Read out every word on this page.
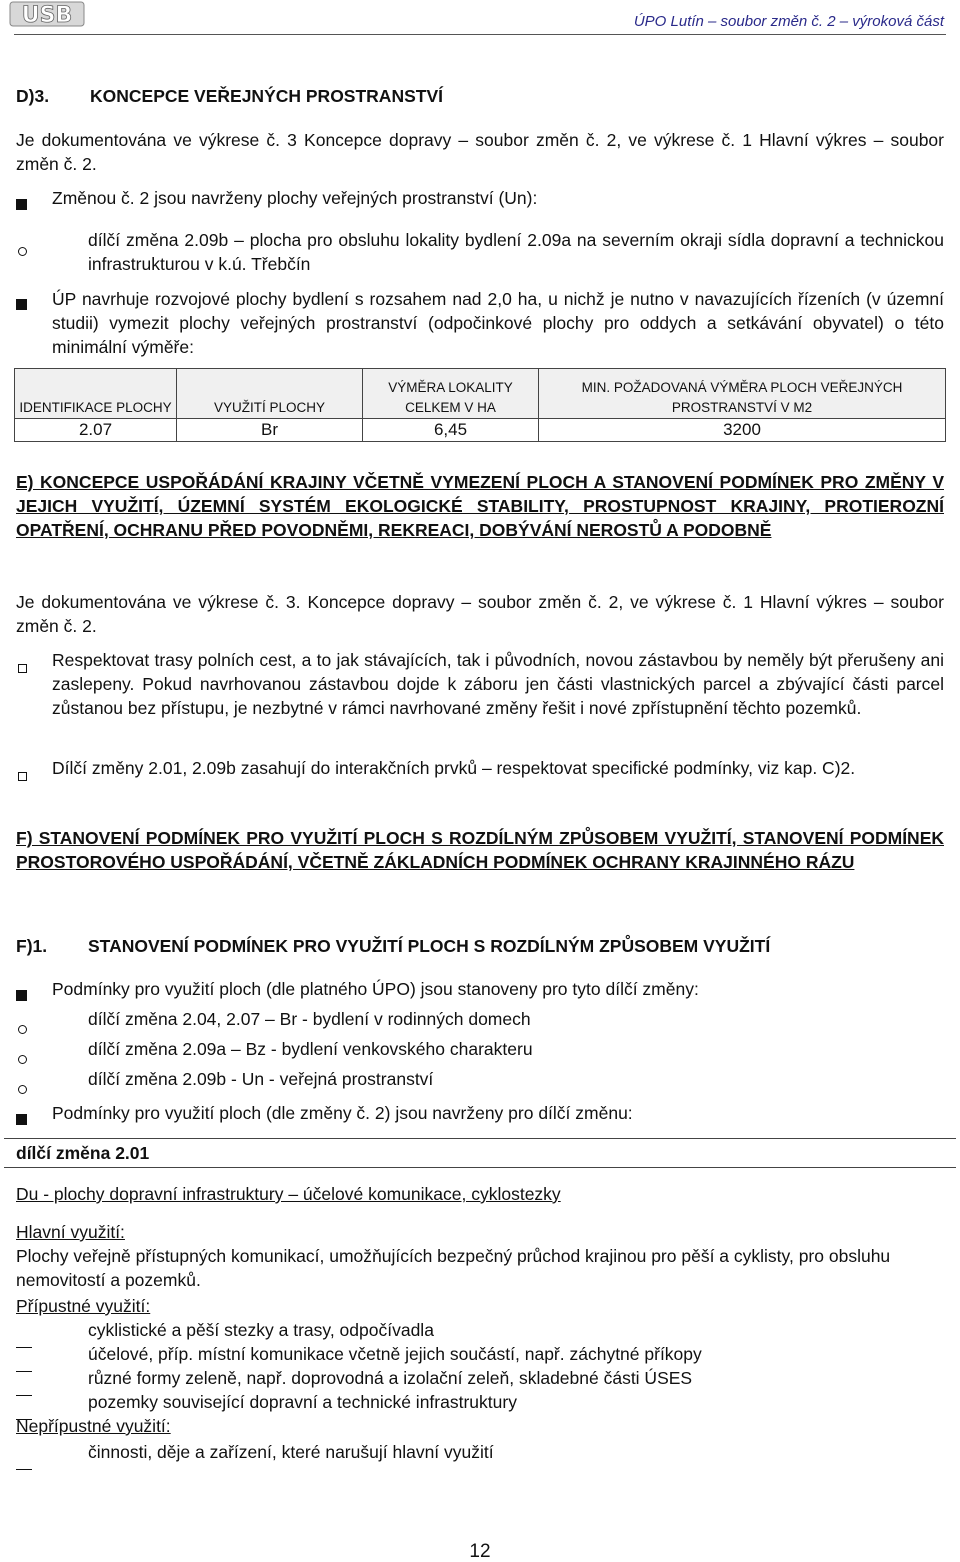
USB	ÚPO Lutín – soubor změn č. 2 – výroková část
D)3. KONCEPCE VEŘEJNÝCH PROSTRANSTVÍ
Je dokumentována ve výkrese č. 3 Koncepce dopravy – soubor změn č. 2, ve výkrese č. 1 Hlavní výkres – soubor změn č. 2.
Změnou č. 2 jsou navrženy plochy veřejných prostranství (Un):
dílčí změna 2.09b – plocha pro obsluhu lokality bydlení 2.09a na severním okraji sídla dopravní a technickou infrastrukturou v k.ú. Třebčín
ÚP navrhuje rozvojové plochy bydlení s rozsahem nad 2,0 ha, u nichž je nutno v navazujících řízeních (v územní studii) vymezit plochy veřejných prostranství (odpočinkové plochy pro oddych a setkávání obyvatel) o této minimální výměře:
IDENTIFIKACE PLOCHY	VYUŽITÍ PLOCHY	VÝMĚRA LOKALITY CELKEM V HA	MIN. POŽADOVANÁ VÝMĚRA PLOCH VEŘEJNÝCH PROSTRANSTVÍ V M2
2.07	Br	6,45	3200
E) KONCEPCE USPOŘÁDÁNÍ KRAJINY VČETNĚ VYMEZENÍ PLOCH A STANOVENÍ PODMÍNEK PRO ZMĚNY V JEJICH VYUŽITÍ, ÚZEMNÍ SYSTÉM EKOLOGICKÉ STABILITY, PROSTUPNOST KRAJINY, PROTIEROZNÍ OPATŘENÍ, OCHRANU PŘED POVODNĚMI, REKREACI, DOBÝVÁNÍ NEROSTŮ A PODOBNĚ
Je dokumentována ve výkrese č. 3. Koncepce dopravy – soubor změn č. 2, ve výkrese č. 1 Hlavní výkres – soubor změn č. 2.
Respektovat trasy polních cest, a to jak stávajících, tak i původních, novou zástavbou by neměly být přerušeny ani zaslepeny. Pokud navrhovanou zástavbou dojde k záboru jen části vlastnických parcel a zbývající části parcel zůstanou bez přístupu, je nezbytné v rámci navrhované změny řešit i nové zpřístupnění těchto pozemků.
Dílčí změny 2.01, 2.09b zasahují do interakčních prvků – respektovat specifické podmínky, viz kap. C)2.
F) STANOVENÍ PODMÍNEK PRO VYUŽITÍ PLOCH S ROZDÍLNÝM ZPŮSOBEM VYUŽITÍ, STANOVENÍ PODMÍNEK PROSTOROVÉHO USPOŘÁDÁNÍ, VČETNĚ ZÁKLADNÍCH PODMÍNEK OCHRANY KRAJINNÉHO RÁZU
F)1. STANOVENÍ PODMÍNEK PRO VYUŽITÍ PLOCH S ROZDÍLNÝM ZPŮSOBEM VYUŽITÍ
Podmínky pro využití ploch (dle platného ÚPO) jsou stanoveny pro tyto dílčí změny:
dílčí změna 2.04, 2.07 – Br - bydlení v rodinných domech
dílčí změna 2.09a – Bz - bydlení venkovského charakteru
dílčí změna 2.09b - Un - veřejná prostranství
Podmínky pro využití ploch (dle změny č. 2) jsou navrženy pro dílčí změnu:
dílčí změna 2.01
Du - plochy dopravní infrastruktury – účelové komunikace, cyklostezky
Hlavní využití:
Plochy veřejně přístupných komunikací, umožňujících bezpečný průchod krajinou pro pěší a cyklisty, pro obsluhu nemovitostí a pozemků.
Přípustné využití:
cyklistické a pěší stezky a trasy, odpočívadla
účelové, příp. místní komunikace včetně jejich součástí, např. záchytné příkopy
různé formy zeleně, např. doprovodná a izolační zeleň, skladebné části ÚSES
pozemky související dopravní a technické infrastruktury
Nepřípustné využití:
činnosti, děje a zařízení, které narušují hlavní využití
12
